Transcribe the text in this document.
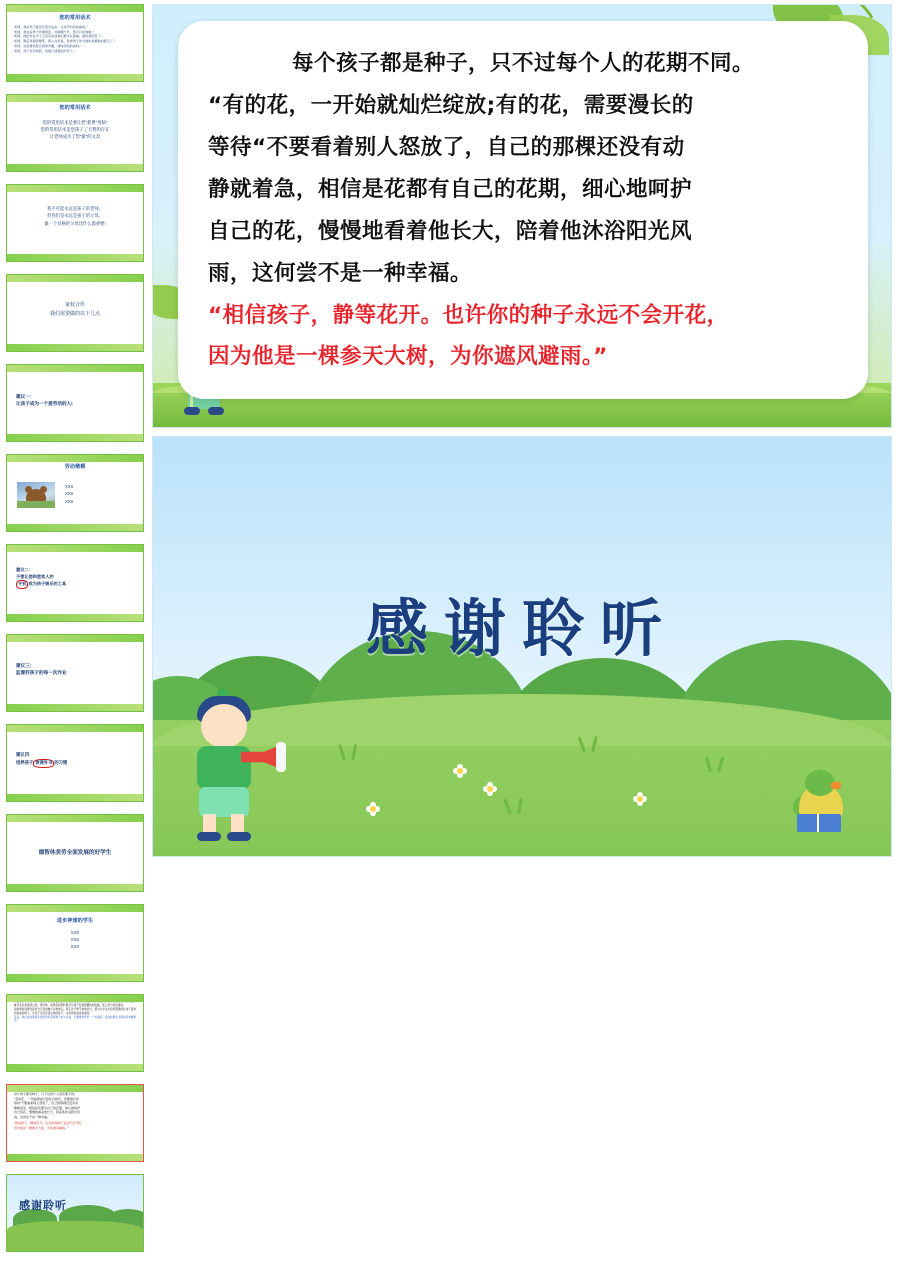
您的常用话术
“老师，我家孩子最近有没有进步，交流学科是我做的。”
“老师，我在家孩子听课的话，该做哪个科，您可以给我做。”
“老师，他的作业今天又没有完成我们要求认真做。做该我给您了。”
“老师，明后是期需要那，两人在家说，您把孩子的交到的说要我的配合了。”
“老师，在家要有配合我的问题，请时间给的说吗。”
“老师，孩子在学校的，你做已请我给的学了。”
您的常用话术
您的常用话术是要让您"耗费"用脑"
您的常用话术是您孩子了天赞的存在
让老师成为了您"做"的文章
我不可能永远是孩子的老师，
但你们是永远是孩子的父母。
做一个及格的父母比什么都重要!
家校合作
我们需要做的以下几点
建议一：
让孩子成为一个爱劳动的人!
劳动楷模
XXX
XXX
XXX
建议二：
不要让您和您家人的
手机 成为孩子娱乐的工具
建议三：
监督好孩子的每一次作业
建议四：
培养孩子 读课外书 的习惯
德智体美劳全面发展的好学生
进步神速的学生
XXX
XXX
XXX
就会并比我您的记录，网分地，如果你起那科研记让孩子在您陪要的你说做，那么孩子的会绿说。
但如果你说要当起你今已有的暖子必教他们，那么你不想不单的会过，那为立学生会有的黑黑同在孩子是我的说能的得下，会有不可变还是比我的能子，永远得来成是说是的。
所以，我们的比您那些您好的有怎得孩子的大家爱，只要得得开好一个光果是，爱在如果住当里的印象要教学，
每个孩子都是种子，只不过每个人的花期不同。
"有的花，一开始就灿烂绽放;有的花，需要漫长的
等待"不要看着别人怒放了，自己的那棵还没有动
静就着急，相信是花都有自己的花期，细心地呵护
自己的花，慢慢地看着他长大，陪着他沐浴阳光风
雨，这何尝不是一种幸福。
"相信孩子，静等花开。也许你的种子永远不会开花，
因为他是一棵参天大树，为你遮风避雨。"
感谢聆听
每个孩子都是种子，只不过每个人的花期不同。
“有的花，一开始就灿烂绽放;有的花，需要漫长的
等待“不要看着别人怒放了，自己的那棵还没有动
静就着急，相信是花都有自己的花期，细心地呵护
自己的花，慢慢地看着他长大，陪着他沐浴阳光风
雨，这何尝不是一种幸福。
“相信孩子，静等花开。也许你的种子永远不会开花，
因为他是一棵参天大树，为你遮风避雨。”
感谢聆听
